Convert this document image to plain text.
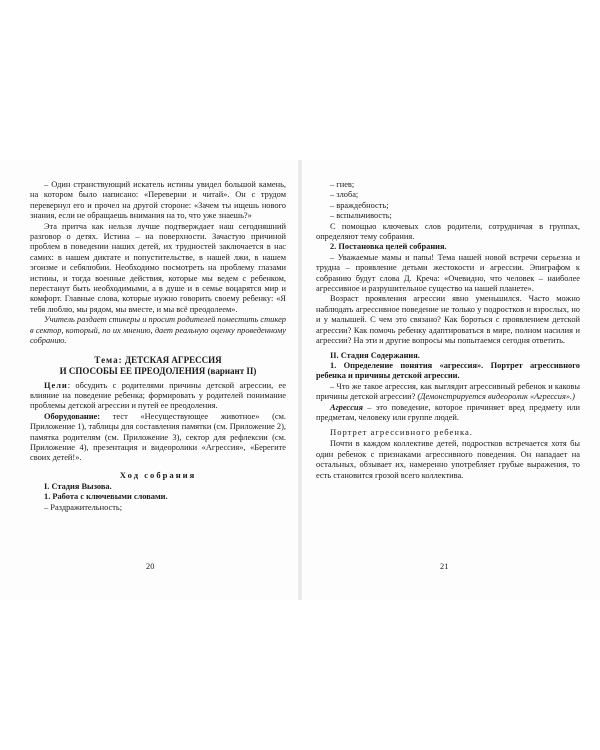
– Один странствующий искатель истины увидел большой камень, на котором было написано: «Переверни и читай». Он с трудом перевернул его и прочел на другой стороне: «Зачем ты ищешь нового знания, если не обращаешь внимания на то, что уже знаешь?»

Эта притча как нельзя лучше подтверждает наш сегодняшний разговор о детях. Истина – на поверхности. Зачастую причиной проблем в поведении наших детей, их трудностей заключается в нас самих: в нашем диктате и попустительстве, в нашей лжи, в нашем эгоизме и себялюбии. Необходимо посмотреть на проблему глазами истины, и тогда военные действия, которые мы ведем с ребенком, перестанут быть необходимыми, а в душе и в семье воцарятся мир и комфорт. Главные слова, которые нужно говорить своему ребенку: «Я тебя люблю, мы рядом, мы вместе, и мы всё преодолеем».

Учитель раздает стикеры и просит родителей поместить стикер в сектор, который, по их мнению, дает реальную оценку проведенному собранию.

Тема: ДЕТСКАЯ АГРЕССИЯ
И СПОСОБЫ ЕЕ ПРЕОДОЛЕНИЯ (вариант II)

Цели: обсудить с родителями причины детской агрессии, ее влияние на поведение ребенка; формировать у родителей понимание проблемы детской агрессии и путей ее преодоления.

Оборудование: тест «Несуществующее животное» (см. Приложение 1), таблицы для составления памятки (см. Приложение 2), памятка родителям (см. Приложение 3), сектор для рефлексии (см. Приложение 4), презентация и видеоролики «Агрессия», «Берегите своих детей!».

Ход собрания

I. Стадия Вызова.

1. Работа с ключевыми словами.

– Раздражительность;

20

– гнев;

– злоба;

– враждебность;

– вспыльчивость;

С помощью ключевых слов родители, сотрудничая в группах, определяют тему собрания.

2. Постановка целей собрания.

– Уважаемые мамы и папы! Тема нашей новой встречи серьезна и трудна – проявление детьми жестокости и агрессии. Эпиграфом к собранию будут слова Д. Креча: «Очевидно, что человек – наиболее агрессивное и разрушительное существо на нашей планете».

Возраст проявления агрессии явно уменьшился. Часто можно наблюдать агрессивное поведение не только у подростков и взрослых, но и у малышей. С чем это связано? Как бороться с проявлением детской агрессии? Как помочь ребенку адаптироваться в мире, полном насилия и агрессии? На эти и другие вопросы мы попытаемся сегодня ответить.

II. Стадия Содержания.

1. Определение понятия «агрессия». Портрет агрессивного ребенка и причины детской агрессии.

– Что же такое агрессия, как выглядит агрессивный ребенок и каковы причины детской агрессии? (Демонстрируется видеоролик «Агрессия».)

Агрессия – это поведение, которое причиняет вред предмету или предметам, человеку или группе людей.

Портрет агрессивного ребенка.

Почти в каждом коллективе детей, подростков встречается хотя бы один ребенок с признаками агрессивного поведения. Он нападает на остальных, обзывает их, намеренно употребляет грубые выражения, то есть становится грозой всего коллектива.

21
